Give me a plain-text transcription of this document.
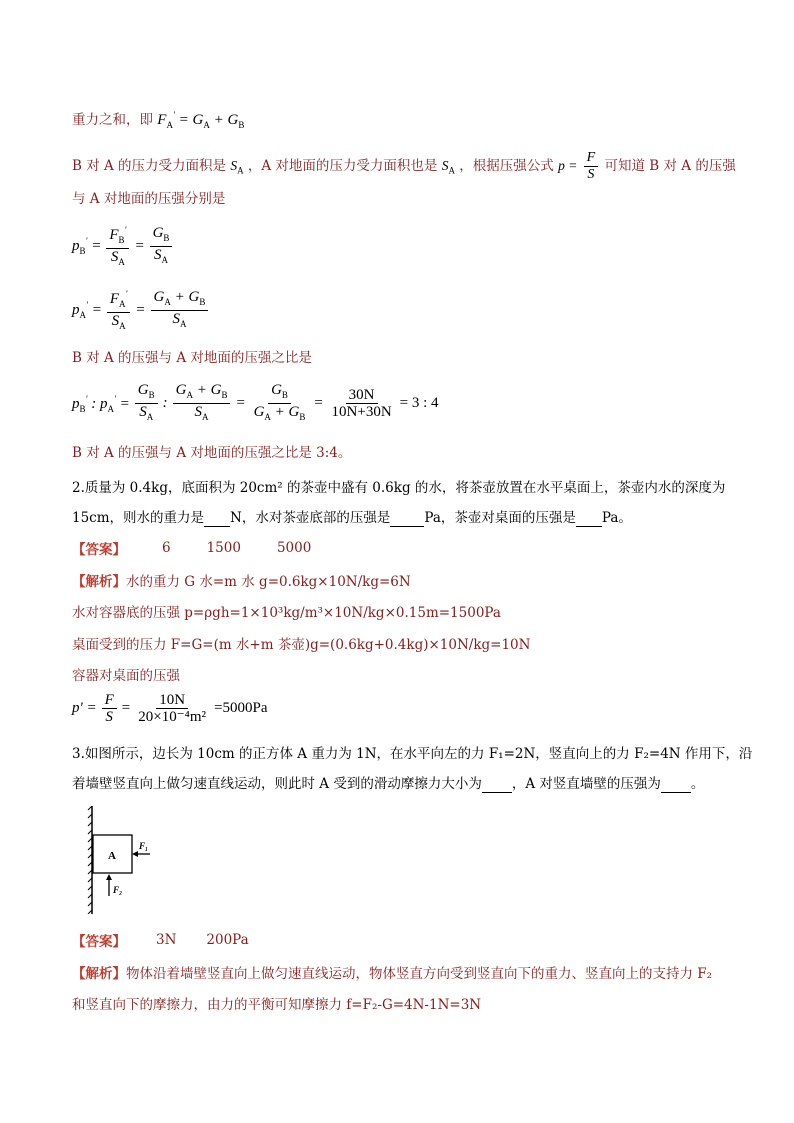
重力之和，即 $F_A' = G_A + G_B$
B 对 A 的压力受力面积是 $S_A$ ，A 对地面的压力受力面积也是 $S_A$ ，根据压强公式 $p = \frac{F}{S}$ 可知道 B 对 A 的压强
与 A 对地面的压强分别是
$p_B' = \frac{F_B'}{S_A} = \frac{G_B}{S_A}$
$p_A' = \frac{F_A'}{S_A} = \frac{G_A + G_B}{S_A}$
B 对 A 的压强与 A 对地面的压强之比是
$p_B'$ : $p_A' = \frac{G_B}{S_A}$ : $\frac{G_A + G_B}{S_A} = \frac{G_B}{G_A + G_B} = \frac{30N}{10N+30N} = 3$ : 4
B 对 A 的压强与 A 对地面的压强之比是 3:4。
2.质量为 0.4kg，底面积为 20cm² 的茶壶中盛有 0.6kg 的水，将茶壶放置在水平桌面上，茶壶内水的深度为
15cm，则水的重力是 N，水对茶壶底部的压强是	Pa，茶壶对桌面的压强是 Pa。
【答案】	6	1500	5000
【解析】水的重力 G 水=m 水 g=0.6kg×10N/kg=6N
水对容器底的压强 p=ρgh=1×10³kg/m³×10N/kg×0.15m=1500Pa
桌面受到的压力 F=G=(m 水+m 茶壶)g=(0.6kg+0.4kg)×10N/kg=10N
容器对桌面的压强
$p' = \frac{F}{S} = \frac{10N}{\text{20×10⁻⁴m²}} =5000Pa$
3.如图所示，边长为 10cm 的正方体 A 重力为 1N，在水平向左的力 F₁=2N，竖直向上的力 F₂=4N 作用下，沿
着墙壁竖直向上做匀速直线运动，则此时 A 受到的滑动摩擦力大小为 ，A 对竖直墙壁的压强为 。
A
F₁
F₂
【答案】 3N 200Pa
【解析】物体沿着墙壁竖直向上做匀速直线运动，物体竖直方向受到竖直向下的重力、竖直向上的支持力 F₂
和竖直向下的摩擦力，由力的平衡可知摩擦力 f=F₂-G=4N-1N=3N
